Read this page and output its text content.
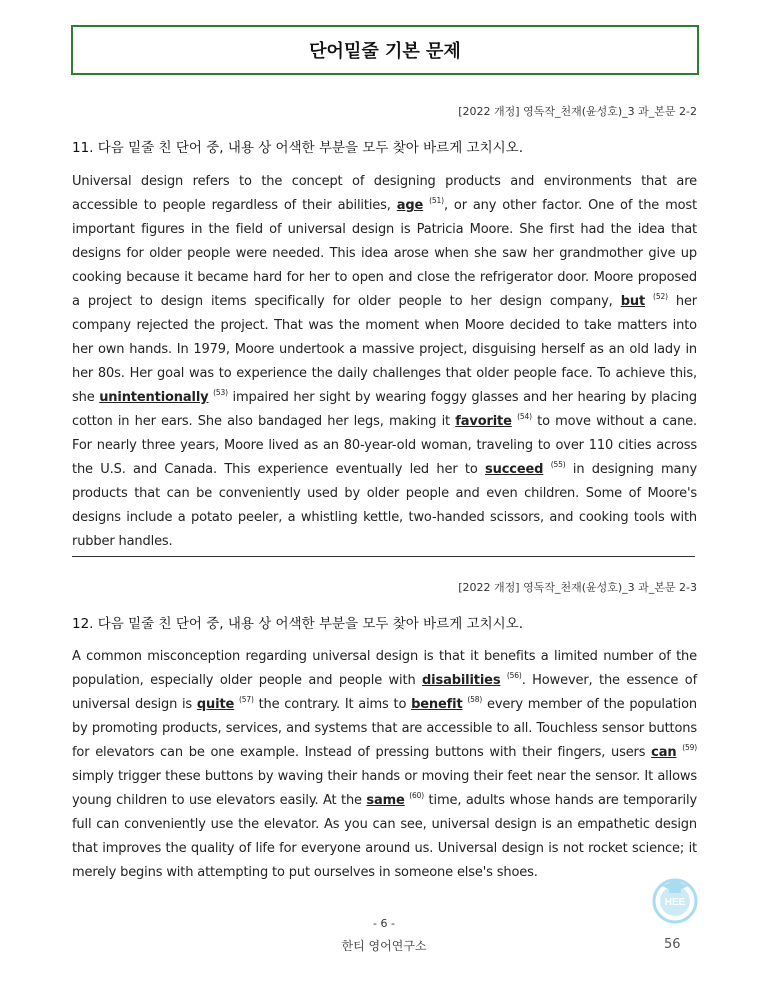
단어밑줄 기본 문제
[2022 개정] 영독작_천재(윤성호)_3 과_본문 2-2
11. 다음 밑줄 친 단어 중, 내용 상 어색한 부분을 모두 찾아 바르게 고치시오.
Universal design refers to the concept of designing products and environments that are accessible to people regardless of their abilities, age $^{(51)}$, or any other factor. One of the most important figures in the field of universal design is Patricia Moore. She first had the idea that designs for older people were needed. This idea arose when she saw her grandmother give up cooking because it became hard for her to open and close the refrigerator door. Moore proposed a project to design items specifically for older people to her design company, but $^{(52)}$ her company rejected the project. That was the moment when Moore decided to take matters into her own hands. In 1979, Moore undertook a massive project, disguising herself as an old lady in her 80s. Her goal was to experience the daily challenges that older people face. To achieve this, she unintentionally $^{(53)}$ impaired her sight by wearing foggy glasses and her hearing by placing cotton in her ears. She also bandaged her legs, making it favorite $^{(54)}$ to move without a cane. For nearly three years, Moore lived as an 80-year-old woman, traveling to over 110 cities across the U.S. and Canada. This experience eventually led her to succeed $^{(55)}$ in designing many products that can be conveniently used by older people and even children. Some of Moore's designs include a potato peeler, a whistling kettle, two-handed scissors, and cooking tools with rubber handles.
[2022 개정] 영독작_천재(윤성호)_3 과_본문 2-3
12. 다음 밑줄 친 단어 중, 내용 상 어색한 부분을 모두 찾아 바르게 고치시오.
A common misconception regarding universal design is that it benefits a limited number of the population, especially older people and people with disabilities $^{(56)}$. However, the essence of universal design is quite $^{(57)}$ the contrary. It aims to benefit $^{(58)}$ every member of the population by promoting products, services, and systems that are accessible to all. Touchless sensor buttons for elevators can be one example. Instead of pressing buttons with their fingers, users can $^{(59)}$ simply trigger these buttons by waving their hands or moving their feet near the sensor. It allows young children to use elevators easily. At the same $^{(60)}$ time, adults whose hands are temporarily full can conveniently use the elevator. As you can see, universal design is an empathetic design that improves the quality of life for everyone around us. Universal design is not rocket science; it merely begins with attempting to put ourselves in someone else's shoes.
HEE
- 6 -
한티 영어연구소	56
